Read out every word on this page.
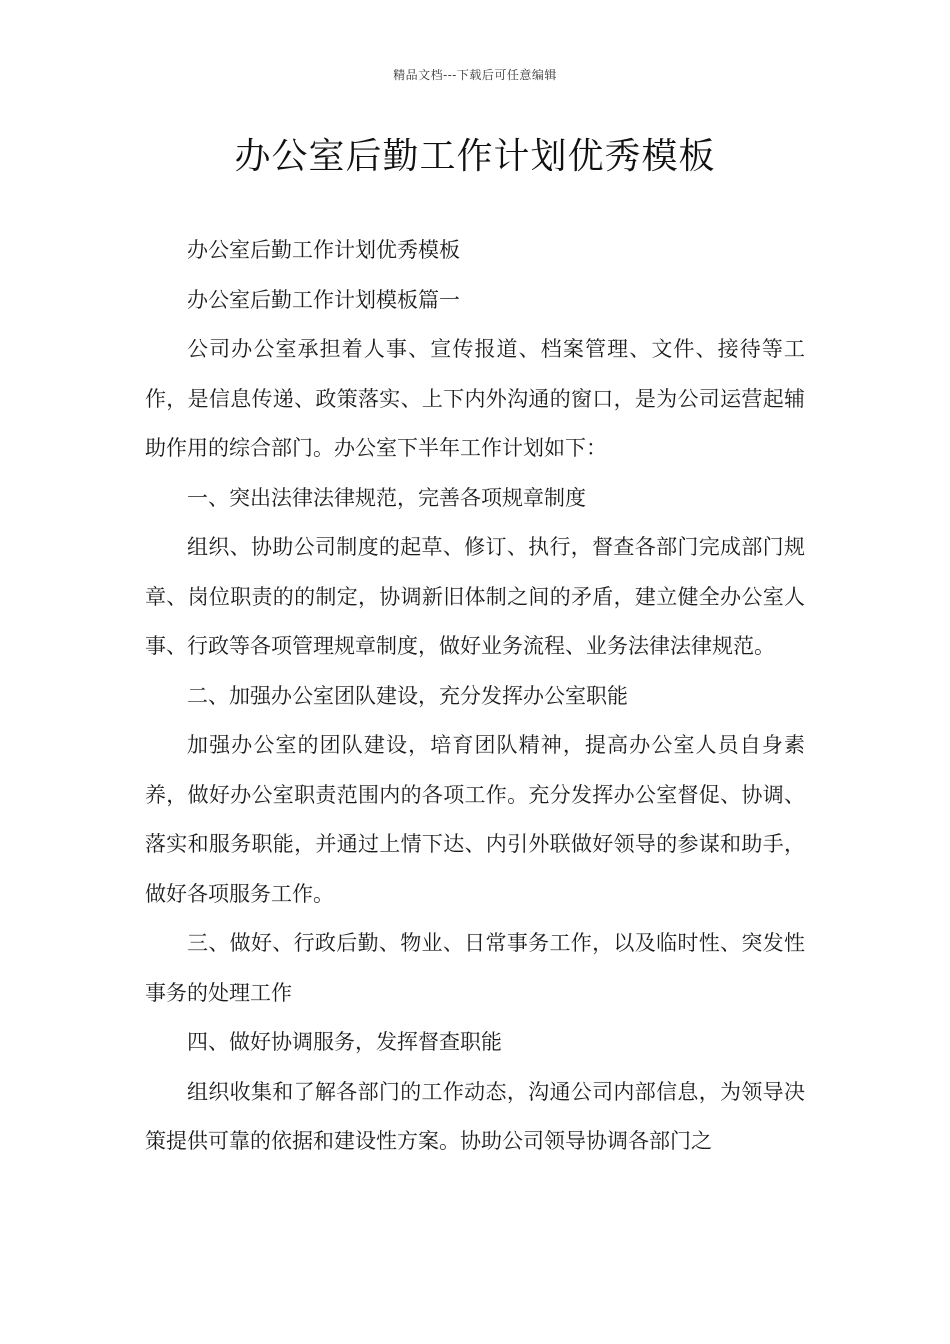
精品文档---下载后可任意编辑
办公室后勤工作计划优秀模板

办公室后勤工作计划优秀模板

办公室后勤工作计划模板篇一

公司办公室承担着人事、宣传报道、档案管理、文件、接待等工作，是信息传递、政策落实、上下内外沟通的窗口，是为公司运营起辅助作用的综合部门。办公室下半年工作计划如下：

一、突出法律法律规范，完善各项规章制度

组织、协助公司制度的起草、修订、执行，督查各部门完成部门规章、岗位职责的的制定，协调新旧体制之间的矛盾，建立健全办公室人事、行政等各项管理规章制度，做好业务流程、业务法律法律规范。

二、加强办公室团队建设，充分发挥办公室职能

加强办公室的团队建设，培育团队精神，提高办公室人员自身素养，做好办公室职责范围内的各项工作。充分发挥办公室督促、协调、落实和服务职能，并通过上情下达、内引外联做好领导的参谋和助手，做好各项服务工作。

三、做好、行政后勤、物业、日常事务工作，以及临时性、突发性事务的处理工作

四、做好协调服务，发挥督查职能

组织收集和了解各部门的工作动态，沟通公司内部信息，为领导决策提供可靠的依据和建设性方案。协助公司领导协调各部门之
